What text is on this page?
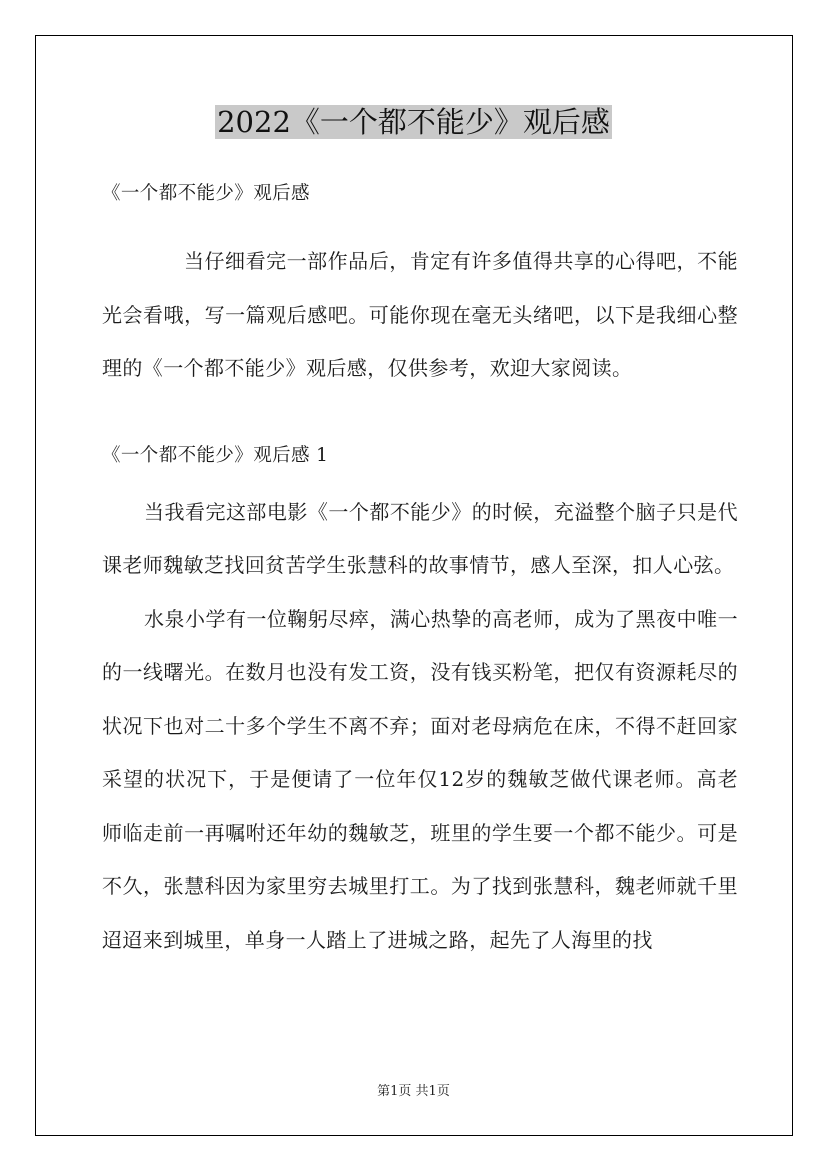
2022《一个都不能少》观后感

《一个都不能少》观后感

当仔细看完一部作品后，肯定有许多值得共享的心得吧，不能光会看哦，写一篇观后感吧。可能你现在毫无头绪吧，以下是我细心整理的《一个都不能少》观后感，仅供参考，欢迎大家阅读。

《一个都不能少》观后感 1

当我看完这部电影《一个都不能少》的时候，充溢整个脑子只是代课老师魏敏芝找回贫苦学生张慧科的故事情节，感人至深，扣人心弦。

水泉小学有一位鞠躬尽瘁，满心热挚的高老师，成为了黑夜中唯一的一线曙光。在数月也没有发工资，没有钱买粉笔，把仅有资源耗尽的状况下也对二十多个学生不离不弃；面对老母病危在床，不得不赶回家采望的状况下，于是便请了一位年仅12岁的魏敏芝做代课老师。高老师临走前一再嘱咐还年幼的魏敏芝，班里的学生要一个都不能少。可是不久，张慧科因为家里穷去城里打工。为了找到张慧科，魏老师就千里迢迢来到城里，单身一人踏上了进城之路，起先了人海里的找

第1页 共1页
